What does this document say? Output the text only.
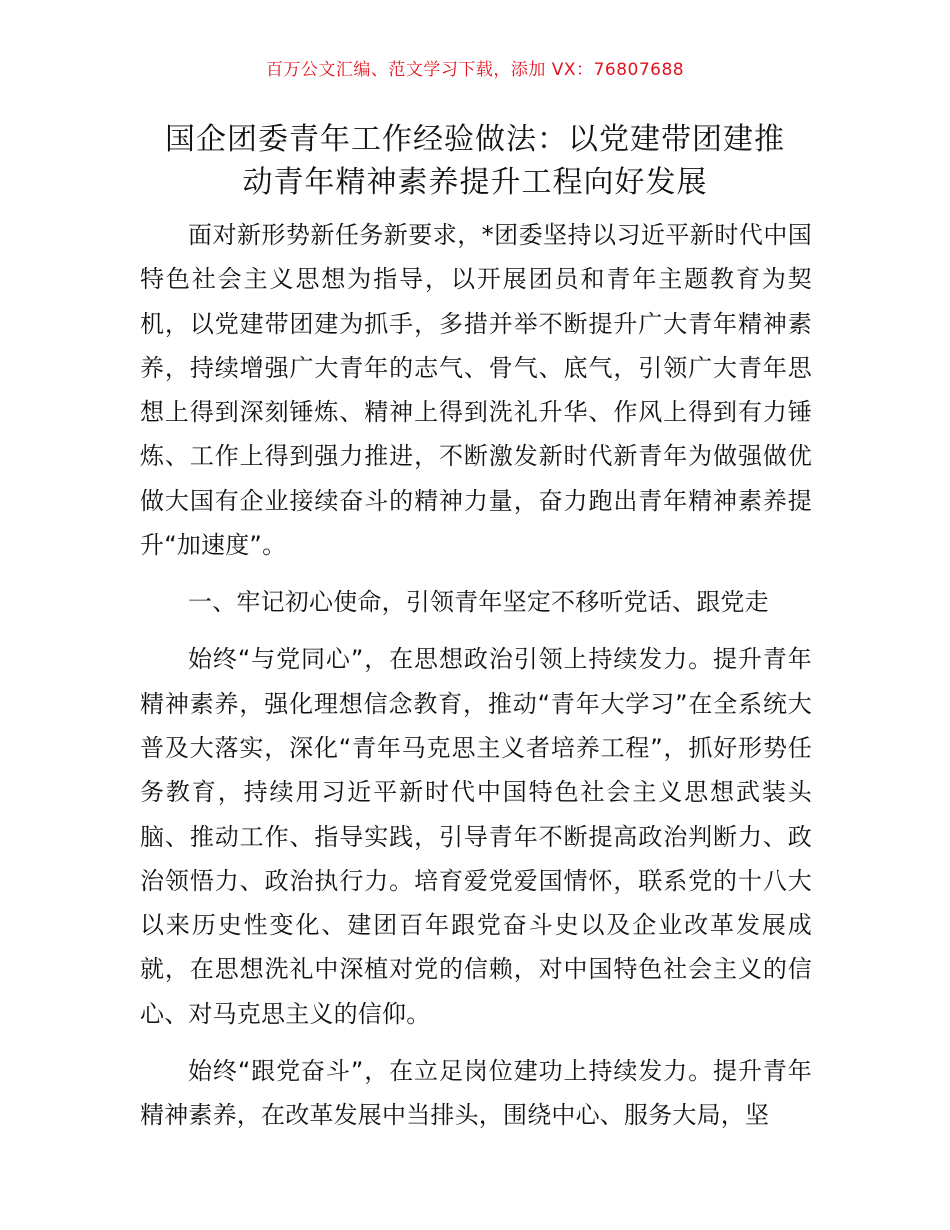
百万公文汇编、范文学习下载，添加 VX：76807688
国企团委青年工作经验做法：以党建带团建推
动青年精神素养提升工程向好发展

面对新形势新任务新要求，*团委坚持以习近平新时代中国特色社会主义思想为指导，以开展团员和青年主题教育为契机，以党建带团建为抓手，多措并举不断提升广大青年精神素养，持续增强广大青年的志气、骨气、底气，引领广大青年思想上得到深刻锤炼、精神上得到洗礼升华、作风上得到有力锤炼、工作上得到强力推进，不断激发新时代新青年为做强做优做大国有企业接续奋斗的精神力量，奋力跑出青年精神素养提升“加速度”。

一、牢记初心使命，引领青年坚定不移听党话、跟党走

始终“与党同心”，在思想政治引领上持续发力。提升青年精神素养，强化理想信念教育，推动“青年大学习”在全系统大普及大落实，深化“青年马克思主义者培养工程”，抓好形势任务教育，持续用习近平新时代中国特色社会主义思想武装头脑、推动工作、指导实践，引导青年不断提高政治判断力、政治领悟力、政治执行力。培育爱党爱国情怀，联系党的十八大以来历史性变化、建团百年跟党奋斗史以及企业改革发展成就，在思想洗礼中深植对党的信赖，对中国特色社会主义的信心、对马克思主义的信仰。

始终“跟党奋斗”，在立足岗位建功上持续发力。提升青年精神素养，在改革发展中当排头，围绕中心、服务大局，坚
